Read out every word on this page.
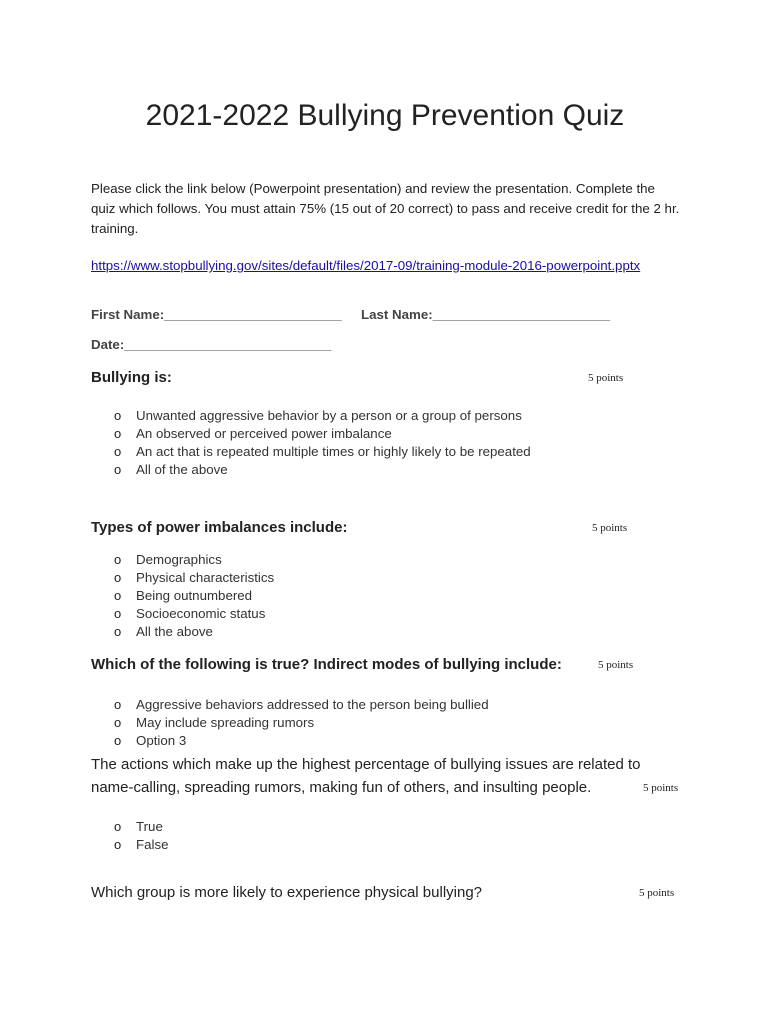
2021-2022 Bullying Prevention Quiz
Please click the link below (Powerpoint presentation) and review the presentation. Complete the quiz which follows. You must attain 75% (15 out of 20 correct) to pass and receive credit for the 2 hr. training.
https://www.stopbullying.gov/sites/default/files/2017-09/training-module-2016-powerpoint.pptx
First Name:________________________ Last Name:________________________
Date:____________________________
Bullying is:	5 points
o Unwanted aggressive behavior by a person or a group of persons
o An observed or perceived power imbalance
o An act that is repeated multiple times or highly likely to be repeated
o All of the above
Types of power imbalances include:	5 points
o Demographics
o Physical characteristics
o Being outnumbered
o Socioeconomic status
o All the above
Which of the following is true? Indirect modes of bullying include:	5 points
o Aggressive behaviors addressed to the person being bullied
o May include spreading rumors
o Option 3
The actions which make up the highest percentage of bullying issues are related to
name-calling, spreading rumors, making fun of others, and insulting people.	5 points
o True
o False
Which group is more likely to experience physical bullying?	5 points
